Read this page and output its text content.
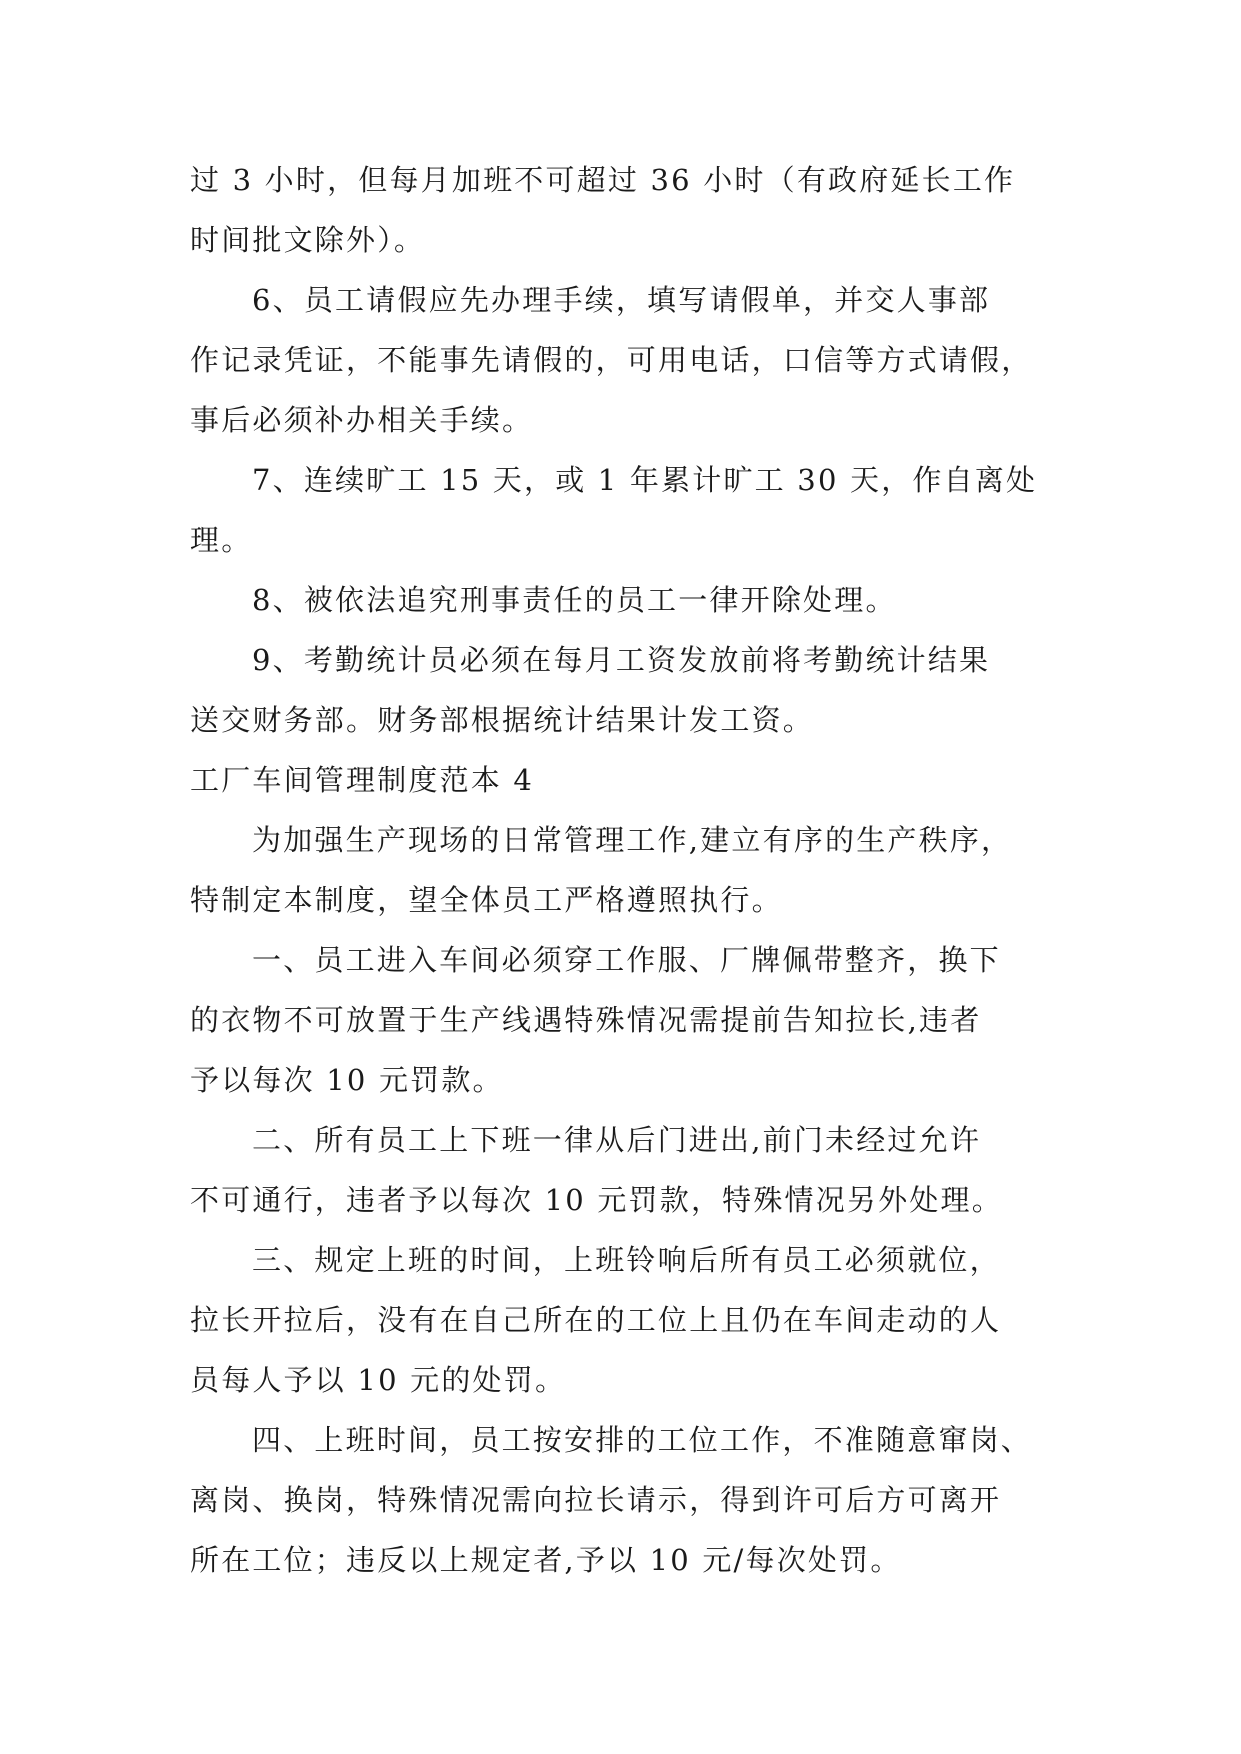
过 3 小时，但每月加班不可超过 36 小时（有政府延长工作
时间批文除外）。
6、员工请假应先办理手续，填写请假单，并交人事部
作记录凭证，不能事先请假的，可用电话，口信等方式请假，
事后必须补办相关手续。
7、连续旷工 15 天，或 1 年累计旷工 30 天，作自离处
理。
8、被依法追究刑事责任的员工一律开除处理。
9、考勤统计员必须在每月工资发放前将考勤统计结果
送交财务部。财务部根据统计结果计发工资。
工厂车间管理制度范本 4
为加强生产现场的日常管理工作,建立有序的生产秩序，
特制定本制度，望全体员工严格遵照执行。
一、员工进入车间必须穿工作服、厂牌佩带整齐，换下
的衣物不可放置于生产线遇特殊情况需提前告知拉长,违者
予以每次 10 元罚款。
二、所有员工上下班一律从后门进出,前门未经过允许
不可通行，违者予以每次 10 元罚款，特殊情况另外处理。
三、规定上班的时间，上班铃响后所有员工必须就位，
拉长开拉后，没有在自己所在的工位上且仍在车间走动的人
员每人予以 10 元的处罚。
四、上班时间，员工按安排的工位工作，不准随意窜岗、
离岗、换岗，特殊情况需向拉长请示，得到许可后方可离开
所在工位；违反以上规定者,予以 10 元/每次处罚。
